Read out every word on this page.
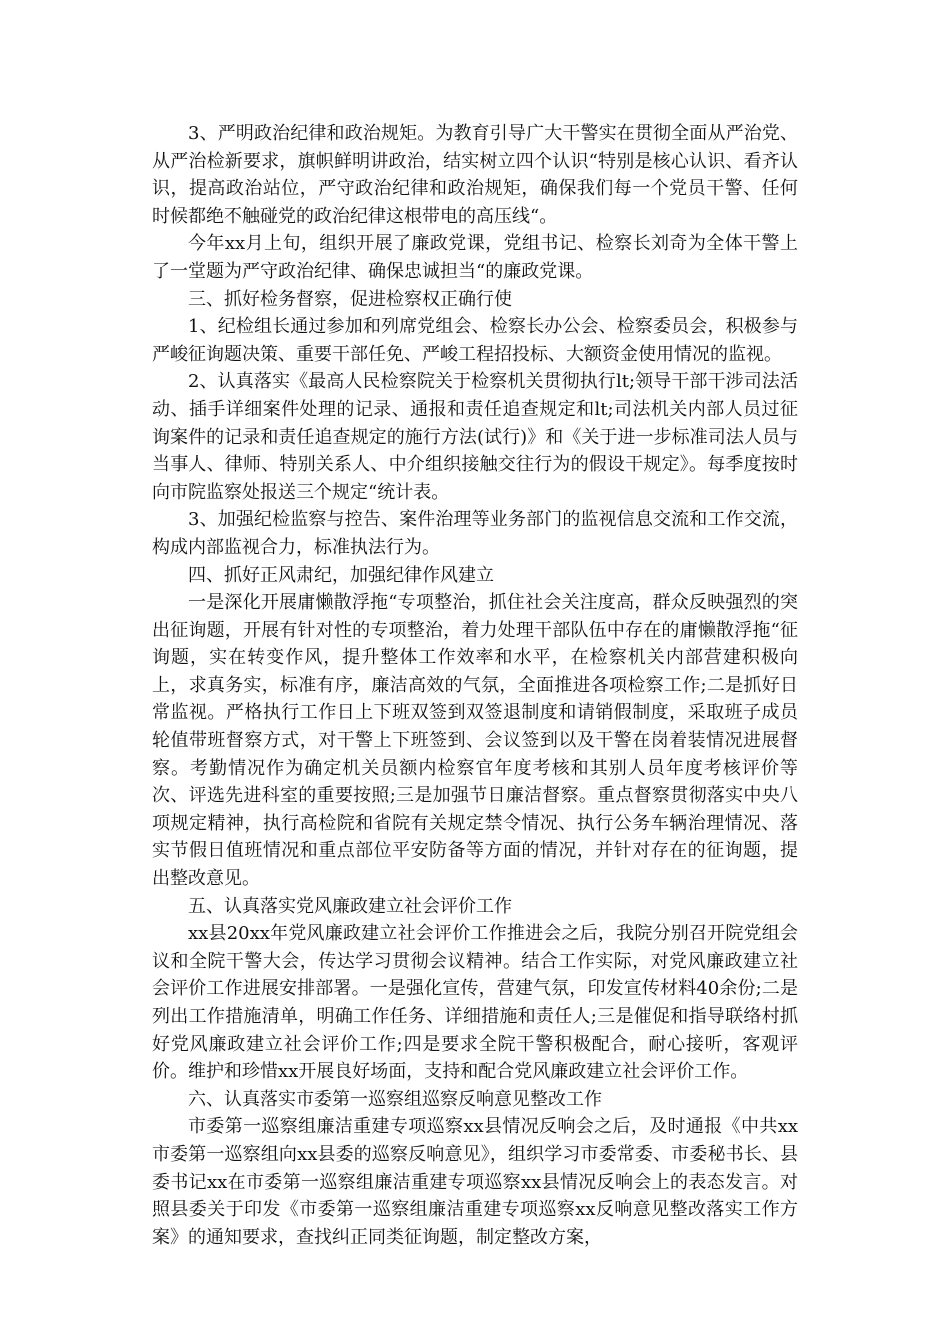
3、严明政治纪律和政治规矩。为教育引导广大干警实在贯彻全面从严治党、从严治检新要求，旗帜鲜明讲政治，结实树立四个认识“特别是核心认识、看齐认识，提高政治站位，严守政治纪律和政治规矩，确保我们每一个党员干警、任何时候都绝不触碰党的政治纪律这根带电的高压线“。

今年xx月上旬，组织开展了廉政党课，党组书记、检察长刘奇为全体干警上了一堂题为严守政治纪律、确保忠诚担当“的廉政党课。

三、抓好检务督察，促进检察权正确行使

1、纪检组长通过参加和列席党组会、检察长办公会、检察委员会，积极参与严峻征询题决策、重要干部任免、严峻工程招投标、大额资金使用情况的监视。

2、认真落实《最高人民检察院关于检察机关贯彻执行lt;领导干部干涉司法活动、插手详细案件处理的记录、通报和责任追查规定和lt;司法机关内部人员过征询案件的记录和责任追查规定的施行方法(试行)》和《关于进一步标准司法人员与当事人、律师、特别关系人、中介组织接触交往行为的假设干规定》。每季度按时向市院监察处报送三个规定“统计表。

3、加强纪检监察与控告、案件治理等业务部门的监视信息交流和工作交流，构成内部监视合力，标准执法行为。

四、抓好正风肃纪，加强纪律作风建立

一是深化开展庸懒散浮拖“专项整治，抓住社会关注度高，群众反映强烈的突出征询题，开展有针对性的专项整治，着力处理干部队伍中存在的庸懒散浮拖“征询题，实在转变作风，提升整体工作效率和水平，在检察机关内部营建积极向上，求真务实，标准有序，廉洁高效的气氛，全面推进各项检察工作;二是抓好日常监视。严格执行工作日上下班双签到双签退制度和请销假制度，采取班子成员轮值带班督察方式，对干警上下班签到、会议签到以及干警在岗着装情况进展督察。考勤情况作为确定机关员额内检察官年度考核和其别人员年度考核评价等次、评选先进科室的重要按照;三是加强节日廉洁督察。重点督察贯彻落实中央八项规定精神，执行高检院和省院有关规定禁令情况、执行公务车辆治理情况、落实节假日值班情况和重点部位平安防备等方面的情况，并针对存在的征询题，提出整改意见。

五、认真落实党风廉政建立社会评价工作

xx县20xx年党风廉政建立社会评价工作推进会之后，我院分别召开院党组会议和全院干警大会，传达学习贯彻会议精神。结合工作实际，对党风廉政建立社会评价工作进展安排部署。一是强化宣传，营建气氛，印发宣传材料40余份;二是列出工作措施清单，明确工作任务、详细措施和责任人;三是催促和指导联络村抓好党风廉政建立社会评价工作;四是要求全院干警积极配合，耐心接听，客观评价。维护和珍惜xx开展良好场面，支持和配合党风廉政建立社会评价工作。

六、认真落实市委第一巡察组巡察反响意见整改工作

市委第一巡察组廉洁重建专项巡察xx县情况反响会之后，及时通报《中共xx市委第一巡察组向xx县委的巡察反响意见》，组织学习市委常委、市委秘书长、县委书记xx在市委第一巡察组廉洁重建专项巡察xx县情况反响会上的表态发言。对照县委关于印发《市委第一巡察组廉洁重建专项巡察xx反响意见整改落实工作方案》的通知要求，查找纠正同类征询题，制定整改方案，
